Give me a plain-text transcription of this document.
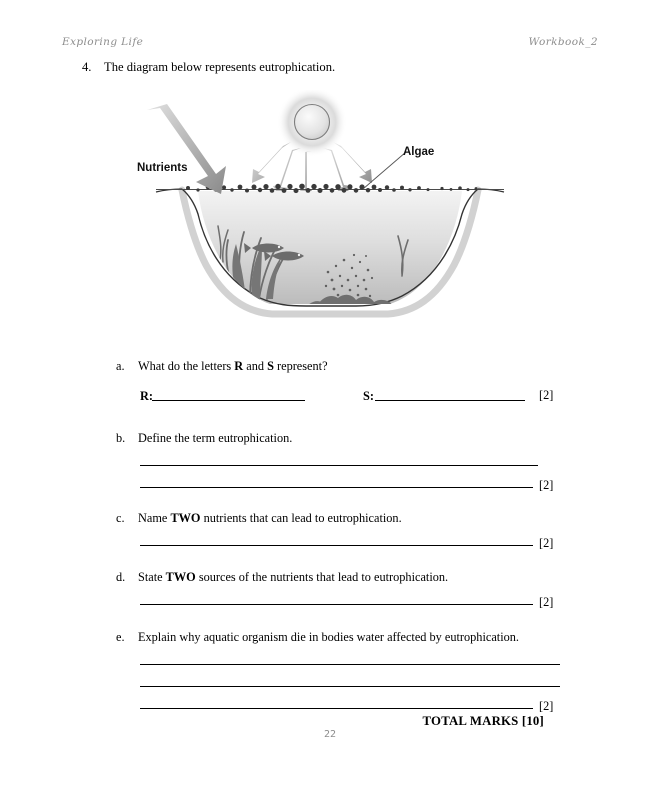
Exploring Life	Workbook_2
4. The diagram below represents eutrophication.
Nutrients
Algae
a. What do the letters R and S represent?
R:	S:	[2]
b. Define the term eutrophication.
[2]
c. Name TWO nutrients that can lead to eutrophication.
[2]
d. State TWO sources of the nutrients that lead to eutrophication.
[2]
e. Explain why aquatic organism die in bodies water affected by eutrophication.
[2]
TOTAL MARKS [10]
22
